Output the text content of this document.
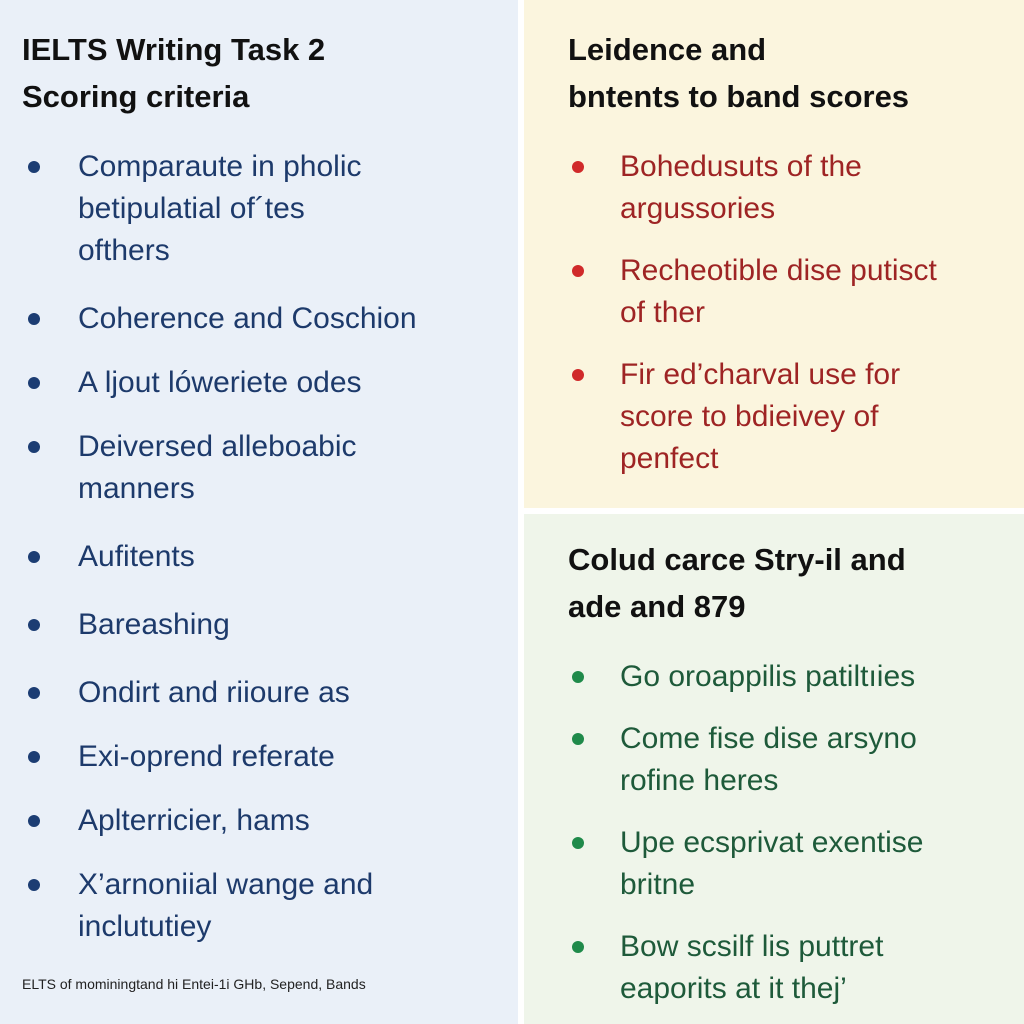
IELTS Writing Task 2
Scoring criteria
Comparaute in pholic
betipulatial of´tes
ofthers
Coherence and Coschion
A ljout lóweriete odes
Deiversed alleboabic
manners
Aufitents
Bareashing
Ondirt and riioure as
Exi-oprend referate
Aplterricier, hams
X’arnoniial wange and
inclututiey

ELTS of mominingtand hi Entei-1i GHb, Sepend, Bands

Leidence and
bntents to band scores
Bohedusuts of the
argussories
Recheotible dise putisct
of ther
Fir ed’charval use for
score to bdieivey of
penfect
Colud carce Stry-il and
ade and 879
Go oroappilis patiltıies
Come fise dise arsyno
rofine heres
Upe ecsprivat exentise
britne
Bow scsilf lis puttret
eaporits at it thej’
